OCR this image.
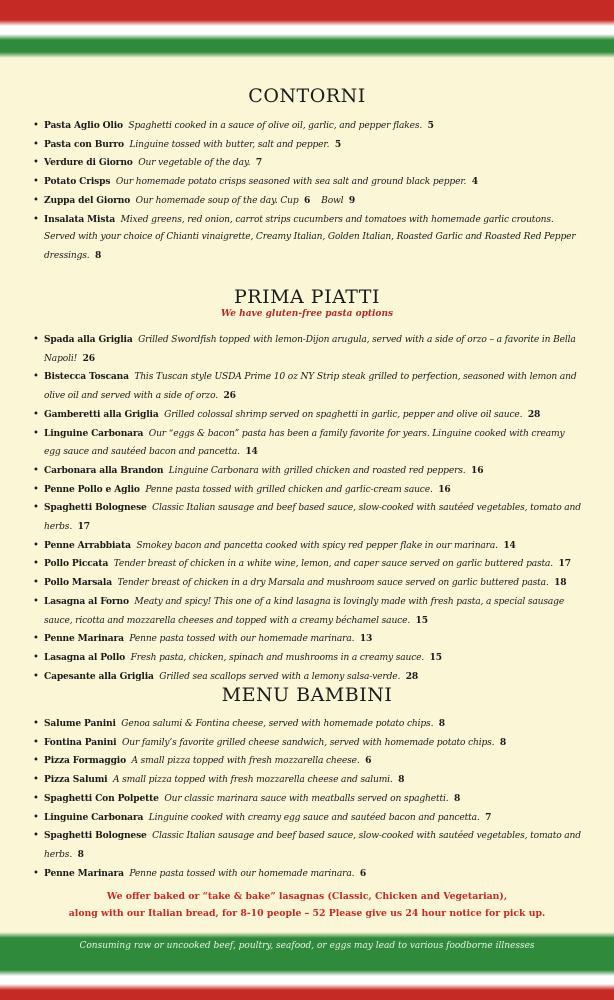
CONTORNI
• Pasta Aglio Olio Spaghetti cooked in a sauce of olive oil, garlic, and pepper flakes. 5
• Pasta con Burro Linguine tossed with butter, salt and pepper. 5
• Verdure di Giorno Our vegetable of the day. 7
• Potato Crisps Our homemade potato crisps seasoned with sea salt and ground black pepper. 4
• Zuppa del Giorno Our homemade soup of the day. Cup 6 Bowl 9
• Insalata Mista Mixed greens, red onion, carrot strips cucumbers and tomatoes with homemade garlic croutons. Served with your choice of Chianti vinaigrette, Creamy Italian, Golden Italian, Roasted Garlic and Roasted Red Pepper dressings. 8
PRIMA PIATTI
We have gluten-free pasta options
• Spada alla Griglia Grilled Swordfish topped with lemon-Dijon arugula, served with a side of orzo – a favorite in Bella Napoli! 26
• Bistecca Toscana This Tuscan style USDA Prime 10 oz NY Strip steak grilled to perfection, seasoned with lemon and olive oil and served with a side of orzo. 26
• Gamberetti alla Griglia Grilled colossal shrimp served on spaghetti in garlic, pepper and olive oil sauce. 28
• Linguine Carbonara Our “eggs & bacon” pasta has been a family favorite for years. Linguine cooked with creamy egg sauce and sautéed bacon and pancetta. 14
• Carbonara alla Brandon Linguine Carbonara with grilled chicken and roasted red peppers. 16
• Penne Pollo e Aglio Penne pasta tossed with grilled chicken and garlic-cream sauce. 16
• Spaghetti Bolognese Classic Italian sausage and beef based sauce, slow-cooked with sautéed vegetables, tomato and herbs. 17
• Penne Arrabbiata Smokey bacon and pancetta cooked with spicy red pepper flake in our marinara. 14
• Pollo Piccata Tender breast of chicken in a white wine, lemon, and caper sauce served on garlic buttered pasta. 17
• Pollo Marsala Tender breast of chicken in a dry Marsala and mushroom sauce served on garlic buttered pasta. 18
• Lasagna al Forno Meaty and spicy! This one of a kind lasagna is lovingly made with fresh pasta, a special sausage sauce, ricotta and mozzarella cheeses and topped with a creamy béchamel sauce. 15
• Penne Marinara Penne pasta tossed with our homemade marinara. 13
• Lasagna al Pollo Fresh pasta, chicken, spinach and mushrooms in a creamy sauce. 15
• Capesante alla Griglia Grilled sea scallops served with a lemony salsa-verde. 28
MENU BAMBINI
• Salume Panini Genoa salumi & Fontina cheese, served with homemade potato chips. 8
• Fontina Panini Our family’s favorite grilled cheese sandwich, served with homemade potato chips. 8
• Pizza Formaggio A small pizza topped with fresh mozzarella cheese. 6
• Pizza Salumi A small pizza topped with fresh mozzarella cheese and salumi. 8
• Spaghetti Con Polpette Our classic marinara sauce with meatballs served on spaghetti. 8
• Linguine Carbonara Linguine cooked with creamy egg sauce and sautéed bacon and pancetta. 7
• Spaghetti Bolognese Classic Italian sausage and beef based sauce, slow-cooked with sautéed vegetables, tomato and herbs. 8
• Penne Marinara Penne pasta tossed with our homemade marinara. 6
We offer baked or “take & bake” lasagnas (Classic, Chicken and Vegetarian),
along with our Italian bread, for 8-10 people – 52 Please give us 24 hour notice for pick up.
Consuming raw or uncooked beef, poultry, seafood, or eggs may lead to various foodborne illnesses
